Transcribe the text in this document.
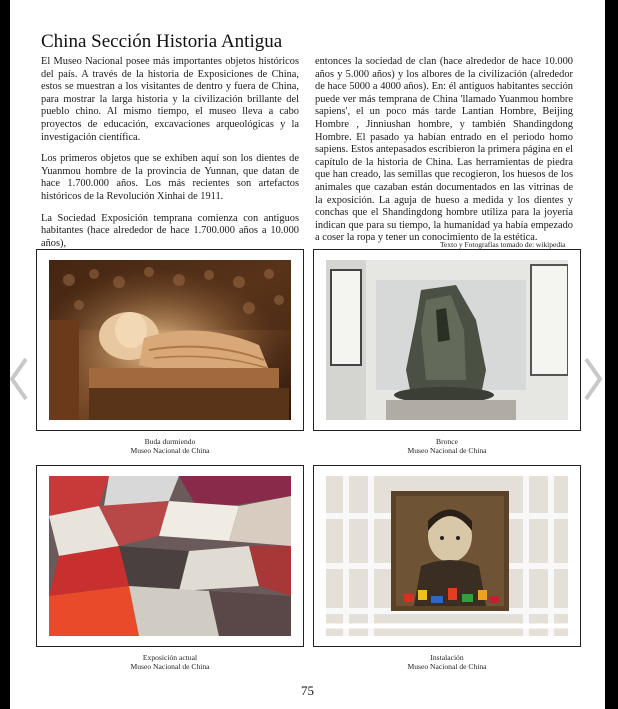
China Sección Historia Antigua

El Museo Nacional posee más importantes objetos históricos del país. A través de la historia de Exposiciones de China, estos se muestran a los visitantes de dentro y fuera de China, para mostrar la larga historia y la civilización brillante del pueblo chino. Al mismo tiempo, el museo lleva a cabo proyectos de educación, excavaciones arqueológicas y la investigación científica.

Los primeros objetos que se exhiben aquí son los dientes de Yuanmou hombre de la provincia de Yunnan, que datan de hace 1.700.000 años. Los más recientes son artefactos históricos de la Revolución Xinhai de 1911.

La Sociedad Exposición temprana comienza con antiguos habitantes (hace alrededor de hace 1.700.000 años a 10.000 años),

entonces la sociedad de clan (hace alrededor de hace 10.000 años y 5.000 años) y los albores de la civilización (alrededor de hace 5000 a 4000 años). En: él antiguos habitantes sección puede ver más temprana de China 'llamado Yuanmou hombre sapiens', el un poco más tarde Lantian Hombre, Beijing Hombre , Jinniushan hombre, y también Shandingdong Hombre. El pasado ya habían entrado en el periodo homo sapiens. Estos antepasados escribieron la primera página en el capítulo de la historia de China. Las herramientas de piedra que han creado, las semillas que recogieron, los huesos de los animales que cazaban están documentados en las vitrinas de la exposición. La aguja de hueso a medida y los dientes y conchas que el Shandingdong hombre utiliza para la joyería indican que para su tiempo, la humanidad ya había empezado a coser la ropa y tener un conocimiento de la estética.

Texto y Fotografías tomado de: wikipedia
Buda durmiendo
Museo Nacional de China
Bronce
Museo Nacional de China
Exposición actual
Museo Nacional de China
Instalación
Museo Nacional de China
75
